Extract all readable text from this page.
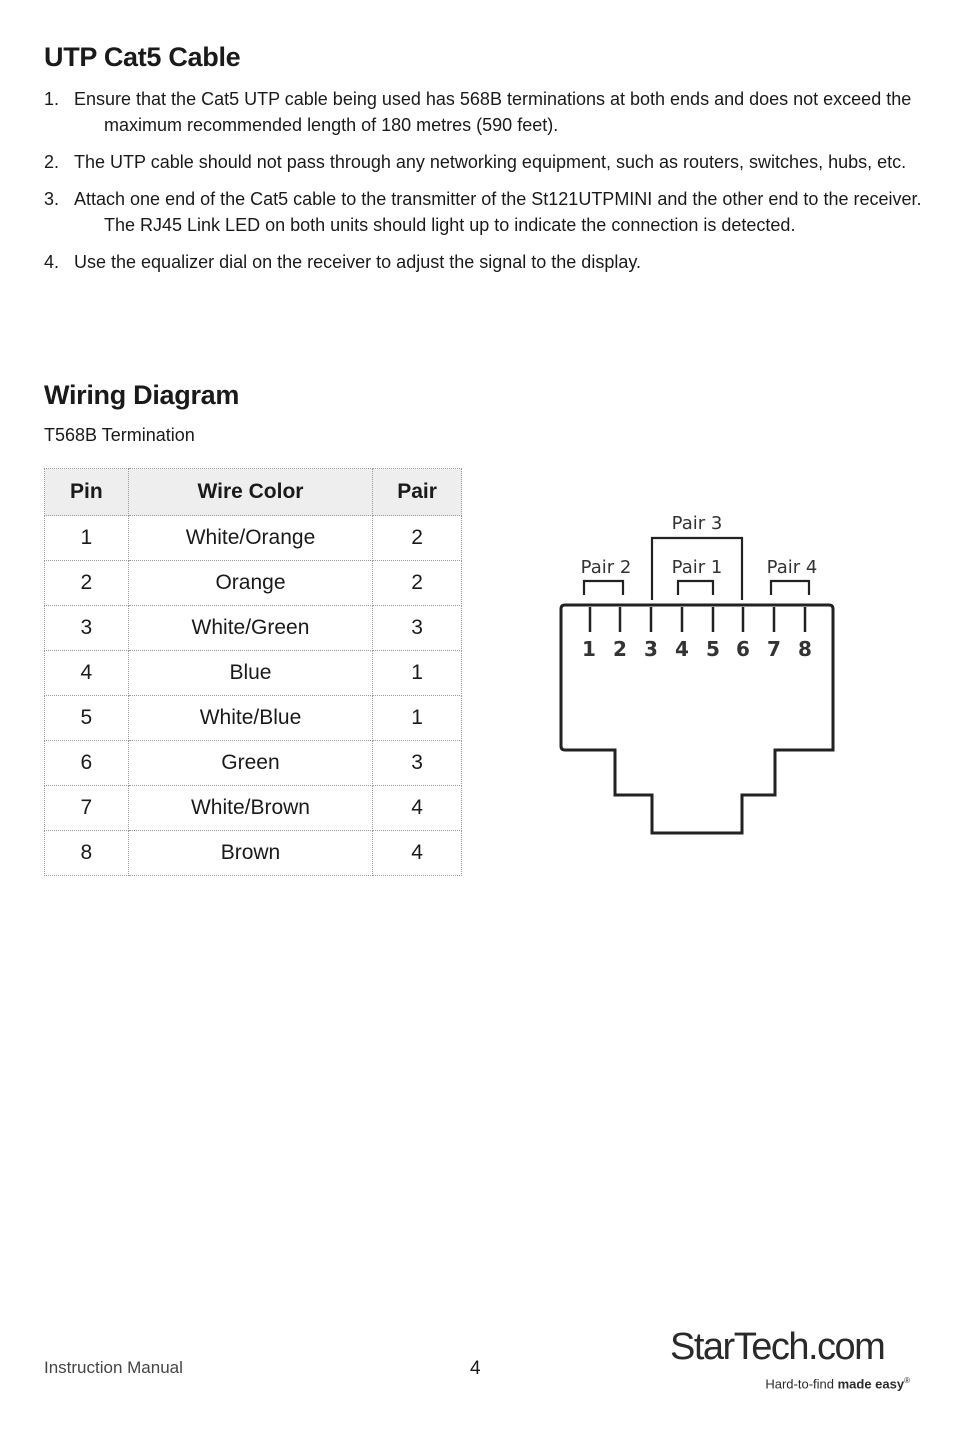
UTP Cat5 Cable
1. Ensure that the Cat5 UTP cable being used has 568B terminations at both ends and does not exceed the maximum recommended length of 180 metres (590 feet).
2. The UTP cable should not pass through any networking equipment, such as routers, switches, hubs, etc.
3. Attach one end of the Cat5 cable to the transmitter of the St121UTPMINI and the other end to the receiver. The RJ45 Link LED on both units should light up to indicate the connection is detected.
4. Use the equalizer dial on the receiver to adjust the signal to the display.
Wiring Diagram
T568B Termination
Pin	Wire Color	Pair
1	White/Orange	2
2	Orange	2
3	White/Green	3
4	Blue	1
5	White/Blue	1
6	Green	3
7	White/Brown	4
8	Brown	4
Pair 3
Pair 2 Pair 1 Pair 4
1 2 3 4 5 6 7 8
Instruction Manual	4
StarTech.com
Hard-to-find made easy®
